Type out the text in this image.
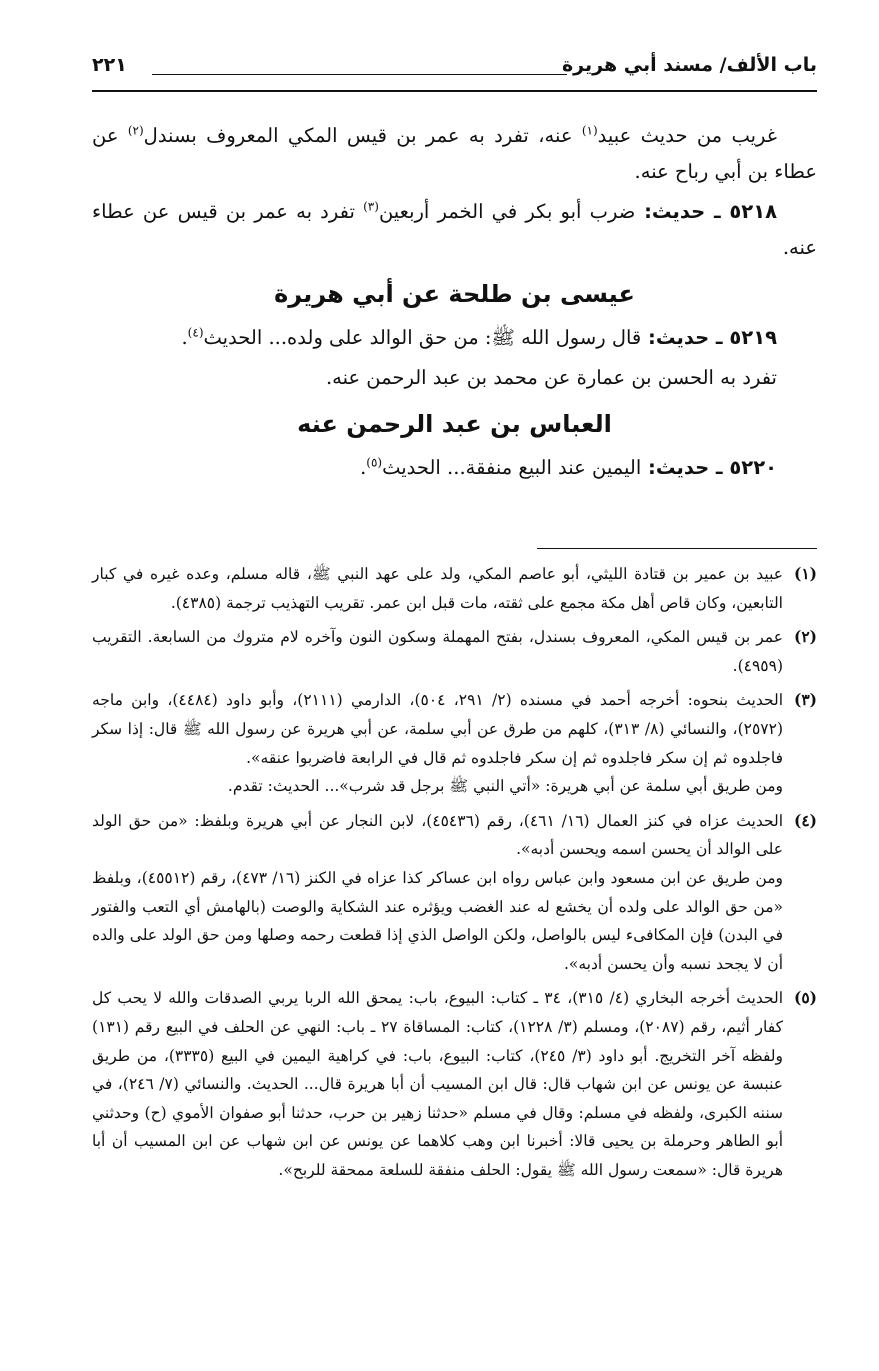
باب الألف/ مسند أبي هريرة
٢٢١

غريب من حديث عبيد$^{(١)}$ عنه، تفرد به عمر بن قيس المكي المعروف بسندل$^{(٢)}$ عن عطاء بن أبي رباح عنه.

٥٢١٨ ـ حديث: ضرب أبو بكر في الخمر أربعين$^{(٣)}$ تفرد به عمر بن قيس عن عطاء عنه.

عيسى بن طلحة عن أبي هريرة

٥٢١٩ ـ حديث: قال رسول الله ﷺ: من حق الوالد على ولده... الحديث$^{(٤)}$.

تفرد به الحسن بن عمارة عن محمد بن عبد الرحمن عنه.

العباس بن عبد الرحمن عنه

٥٢٢٠ ـ حديث: اليمين عند البيع منفقة... الحديث$^{(٥)}$.

(١)

عبيد بن عمير بن قتادة الليثي، أبو عاصم المكي، ولد على عهد النبي ﷺ، قاله مسلم، وعده غيره في كبار التابعين، وكان قاص أهل مكة مجمع على ثقته، مات قبل ابن عمر. تقريب التهذيب ترجمة (٤٣٨٥).

(٢)

عمر بن قيس المكي، المعروف بسندل، بفتح المهملة وسكون النون وآخره لام متروك من السابعة. التقريب (٤٩٥٩).

(٣)

الحديث بنحوه: أخرجه أحمد في مسنده (٢/ ٢٩١، ٥٠٤)، الدارمي (٢١١١)، وأبو داود (٤٤٨٤)، وابن ماجه (٢٥٧٢)، والنسائي (٨/ ٣١٣)، كلهم من طرق عن أبي سلمة، عن أبي هريرة عن رسول الله ﷺ قال: إذا سكر فاجلدوه ثم إن سكر فاجلدوه ثم إن سكر فاجلدوه ثم قال في الرابعة فاضربوا عنقه».

ومن طريق أبي سلمة عن أبي هريرة: «أتي النبي ﷺ برجل قد شرب»... الحديث: تقدم.

(٤)

الحديث عزاه في كنز العمال (١٦/ ٤٦١)، رقم (٤٥٤٣٦)، لابن النجار عن أبي هريرة وبلفظ: «من حق الولد على الوالد أن يحسن اسمه ويحسن أدبه».

ومن طريق عن ابن مسعود وابن عباس رواه ابن عساكر كذا عزاه في الكنز (١٦/ ٤٧٣)، رقم (٤٥٥١٢)، وبلفظ «من حق الوالد على ولده أن يخشع له عند الغضب ويؤثره عند الشكاية والوصت (بالهامش أي التعب والفتور في البدن) فإن المكافىء ليس بالواصل، ولكن الواصل الذي إذا قطعت رحمه وصلها ومن حق الولد على والده أن لا يجحد نسبه وأن يحسن أدبه».

(٥)

الحديث أخرجه البخاري (٤/ ٣١٥)، ٣٤ ـ كتاب: البيوع، باب: يمحق الله الربا يربي الصدقات والله لا يحب كل كفار أثيم، رقم (٢٠٨٧)، ومسلم (٣/ ١٢٢٨)، كتاب: المساقاة ٢٧ ـ باب: النهي عن الحلف في البيع رقم (١٣١) ولفظه آخر التخريج. أبو داود (٣/ ٢٤٥)، كتاب: البيوع، باب: في كراهية اليمين في البيع (٣٣٣٥)، من طريق عنبسة عن يونس عن ابن شهاب قال: قال ابن المسيب أن أبا هريرة قال... الحديث. والنسائي (٧/ ٢٤٦)، في سننه الكبرى، ولفظه في مسلم: وقال في مسلم «حدثنا زهير بن حرب، حدثنا أبو صفوان الأموي (ح) وحدثني أبو الطاهر وحرملة بن يحيى قالا: أخبرنا ابن وهب كلاهما عن يونس عن ابن شهاب عن ابن المسيب أن أبا هريرة قال: «سمعت رسول الله ﷺ يقول: الحلف منفقة للسلعة ممحقة للربح».
